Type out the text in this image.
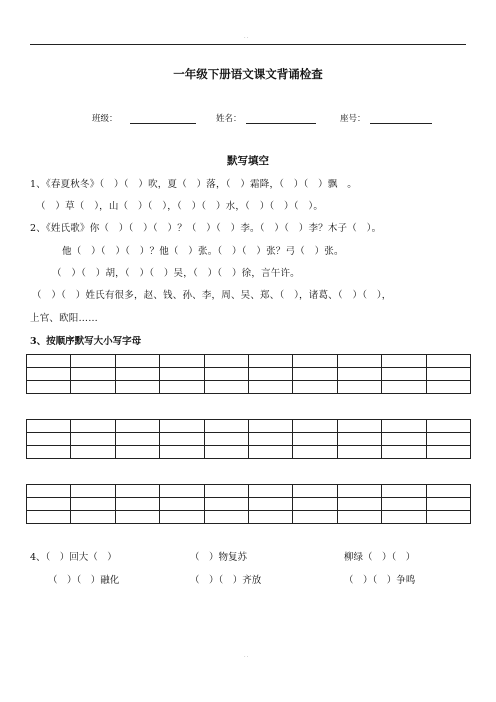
..
一年级下册语文课文背诵检查
班级：	姓名：	座号：
默写填空
1、《春夏秋冬》（　）（　）吹，夏（　）落，（　）霜降，（　）（　）飘　。
（　）草（　），山（　）（　），（　）（　）水，（　）（　）（　）。
2、《姓氏歌》你（　）（　）（　）？（　）（　）李。（　）（　）李？木子（　）。
他（　）（　）（　）？他（　）张。（　）（　）张？弓（　）张。
（　）（　）胡，（　）（　）吴，（　）（　）徐，言午许。
（　）（　）姓氏有很多，赵、钱、孙、李，周、吴、郑、（　），诸葛、（　）（　），
上官、欧阳……
3、按顺序默写大小写字母

4、（　）回大（　）	（　）物复苏	柳绿（　）（　）
（　）（　）融化	（　）（　）齐放	（　）（　）争鸣
..
